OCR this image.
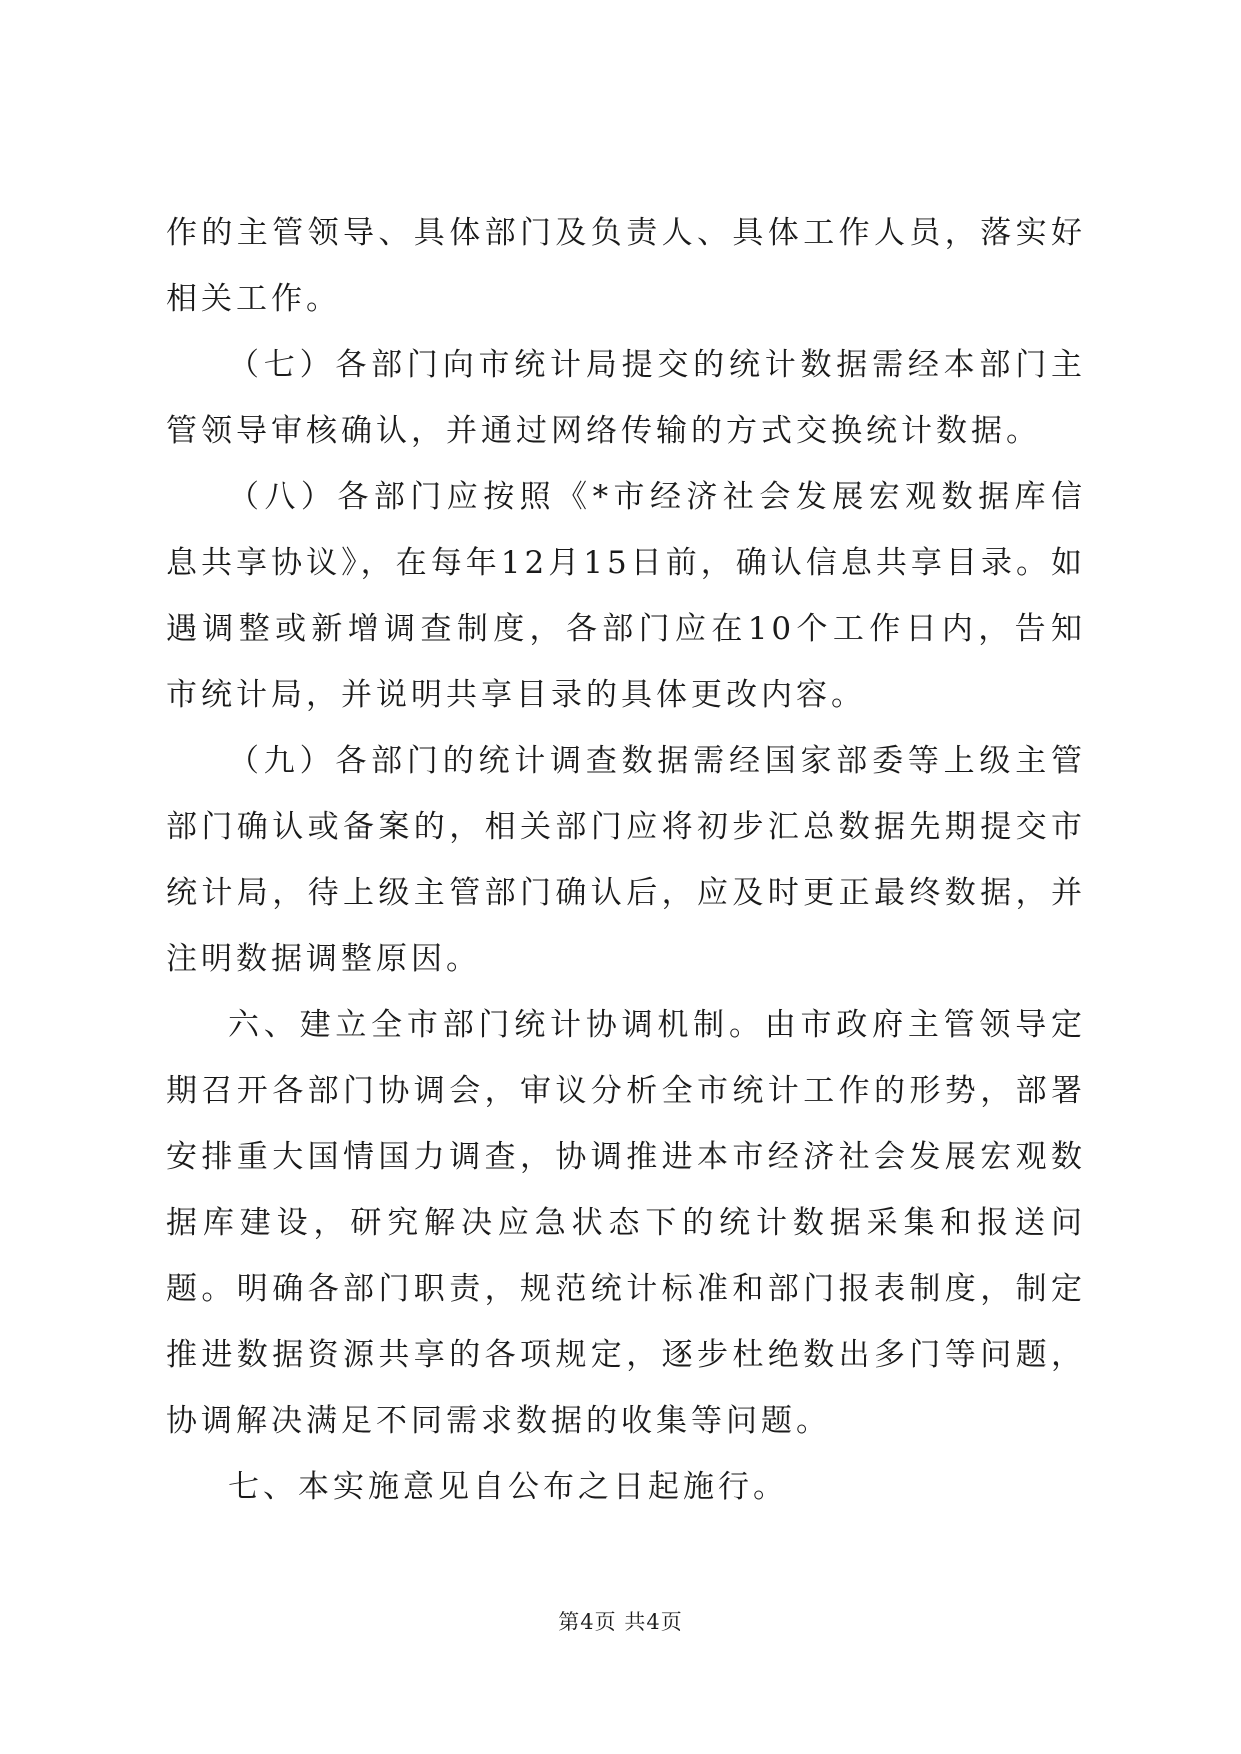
作的主管领导、具体部门及负责人、具体工作人员，落实好相关工作。

（七）各部门向市统计局提交的统计数据需经本部门主管领导审核确认，并通过网络传输的方式交换统计数据。

（八）各部门应按照《*市经济社会发展宏观数据库信息共享协议》，在每年12月15日前，确认信息共享目录。如遇调整或新增调查制度，各部门应在10个工作日内，告知市统计局，并说明共享目录的具体更改内容。

（九）各部门的统计调查数据需经国家部委等上级主管部门确认或备案的，相关部门应将初步汇总数据先期提交市统计局，待上级主管部门确认后，应及时更正最终数据，并注明数据调整原因。

六、建立全市部门统计协调机制。由市政府主管领导定期召开各部门协调会，审议分析全市统计工作的形势，部署安排重大国情国力调查，协调推进本市经济社会发展宏观数据库建设，研究解决应急状态下的统计数据采集和报送问题。明确各部门职责，规范统计标准和部门报表制度，制定推进数据资源共享的各项规定，逐步杜绝数出多门等问题，协调解决满足不同需求数据的收集等问题。

七、本实施意见自公布之日起施行。

第4页 共4页
